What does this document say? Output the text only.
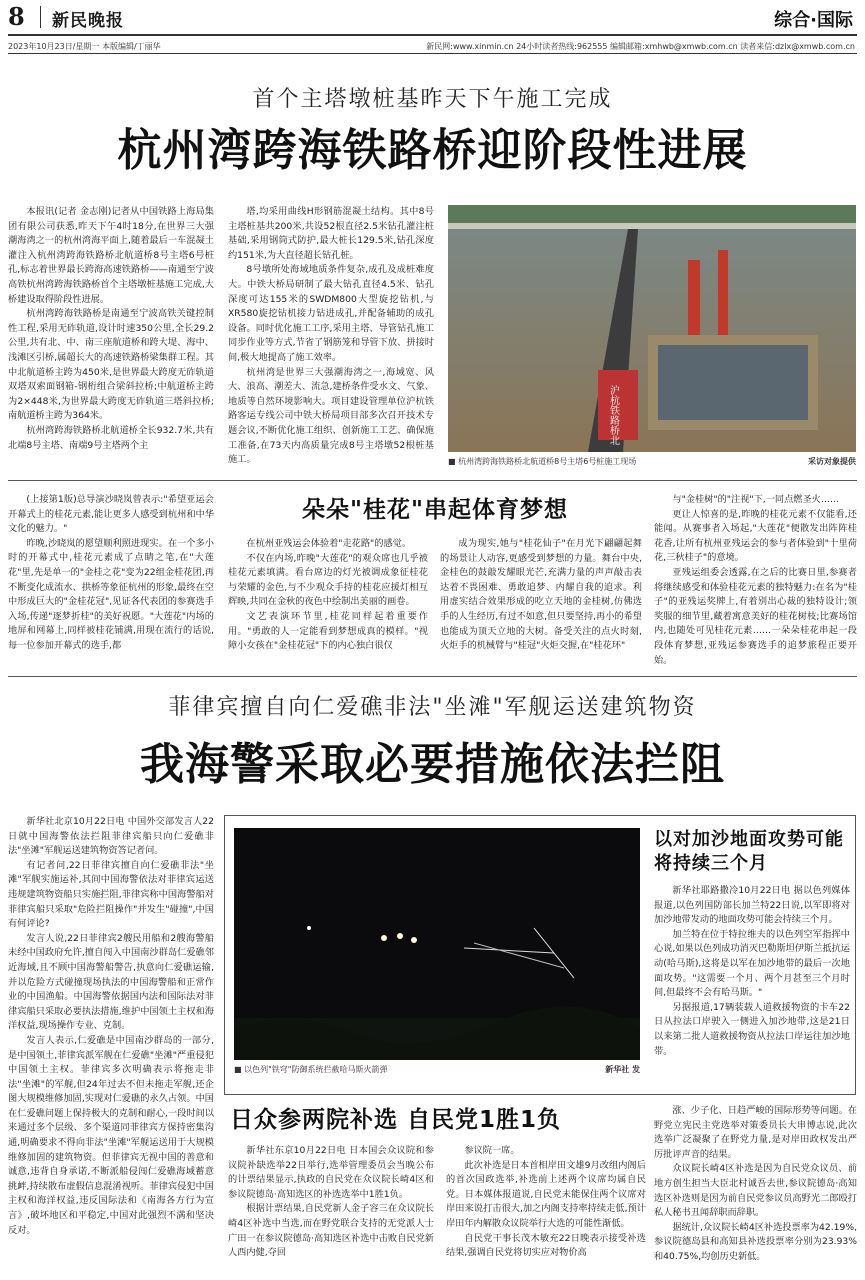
8 新民晚报	综合·国际
2023年10月23日/星期一 本版编辑/丁丽华	新民网:www.xinmin.cn 24小时读者热线:962555 编辑邮箱:xmhwb@xmwb.com.cn 读者来信:dzlx@xmwb.com.cn
首个主塔墩桩基昨天下午施工完成
杭州湾跨海铁路桥迎阶段性进展

本报讯(记者 金志刚)记者从中国铁路上海局集团有限公司获悉,昨天下午4时18分,在世界三大强潮海湾之一的杭州湾海平面上,随着最后一车混凝土灌注入杭州湾跨海铁路桥北航道桥8号主塔6号桩孔,标志着世界最长跨海高速铁路桥——南通至宁波高铁杭州湾跨海铁路桥首个主塔墩桩基施工完成,大桥建设取得阶段性进展。

杭州湾跨海铁路桥是南通至宁波高铁关键控制性工程,采用无砟轨道,设计时速350公里,全长29.2公里,共有北、中、南三座航道桥和跨大堤、海中、浅滩区引桥,属超长大的高速铁路桥梁集群工程。其中北航道桥主跨为450米,是世界最大跨度无砟轨道双塔双索面钢箱-钢桁组合梁斜拉桥;中航道桥主跨为2×448米,为世界最大跨度无砟轨道三塔斜拉桥;南航道桥主跨为364米。

杭州湾跨海铁路桥北航道桥全长932.7米,共有北端8号主塔、南端9号主塔两个主

塔,均采用曲线H形钢筋混凝土结构。其中8号主塔桩基共200米,共设52根直径2.5米钻孔灌注桩基础,采用钢筒式防护,最大桩长129.5米,钻孔深度约151米,为大直径超长钻孔桩。

8号墩所处海域地质条件复杂,成孔及成桩难度大。中铁大桥局研制了最大钻孔直径4.5米、钻孔深度可达155米的SWDM800大型旋挖钻机,与XR580旋挖钻机接力钻进成孔,并配备辅助的成孔设备。同时优化施工工序,采用主塔、导管钻孔施工同步作业等方式,节省了钢筋笼和导管下放、拼接时间,极大地提高了施工效率。

杭州湾是世界三大强潮海湾之一,海域宽、风大、浪高、潮差大、流急,建桥条件受水文、气象、地质等自然环境影响大。项目建设管理单位沪杭铁路客运专线公司中铁大桥局项目部多次召开技术专题会议,不断优化施工组织、创新施工工艺、确保施工准备,在73天内高质量完成8号主塔墩52根桩基施工。

沪杭铁路桥北
■ 杭州湾跨海铁路桥北航道桥8号主塔6号桩施工现场	采访对象提供

(上接第1版)总导演沙晓岚曾表示:"希望亚运会开幕式上的桂花元素,能让更多人感受到杭州和中华文化的魅力。"

昨晚,沙晓岚的愿望顺利照进现实。在一个多小时的开幕式中,桂花元素成了点睛之笔,在"大莲花"里,先是单一的"金桂之花"变为22组金桂花团,再不断变化成流水、拱桥等象征杭州的形象,最终在空中形成巨大的"金桂花冠",见证各代表团的参赛选手入场,传递"逐梦折桂"的美好祝愿。"大莲花"内场的地屏和网幕上,同样被桂花铺满,用现在流行的话说,每一位参加开幕式的选手,都

朵朵"桂花"串起体育梦想

在杭州亚残运会体验着"走花路"的感觉。

不仅在内场,昨晚"大莲花"的观众席也几乎被桂花元素填满。看台席边的灯光被调成象征桂花与荣耀的金色,与不少观众手持的桂花应援灯相互辉映,共同在金秋的夜色中绘制出美丽的画卷。

文艺表演环节里,桂花同样起着重要作用。"勇敢的人一定能看到梦想成真的模样。"视障小女孩在"金桂花冠"下的内心独白很仅

成为现实,她与"桂花仙子"在月光下翩翩起舞的场景让人动容,更感受到梦想的力量。舞台中央,金桂色的鼓敲发耀眼光芒,充满力量的声声敲击表达着不畏困难、勇敢追梦、内耀自我的追求。利用虚实结合效果形成的吃立天地的金桂树,仿佛选手的人生经历,有过不如意,但只要坚持,再小的希望也能成为顶天立地的大树。备受关注的点火时刻,火炬手的机械臂与"桂冠"火炬交握,在"桂花环"

与"金桂树"的"注视"下,一同点燃圣火……

更让人惊喜的是,昨晚的桂花元素不仅能看,还能闻。从赛事者入场起,"大莲花"便散发出阵阵桂花香,让所有杭州亚残运会的参与者体验到"十里荷花,三秋桂子"的意境。

亚残运组委会透露,在之后的比赛日里,参赛者将继续感受和体验桂花元素的独特魅力:在名为"桂子"的亚残运奖牌上,有着别出心裁的独特设计;领奖服的细节里,藏着寓意美好的桂花树枝;比赛场馆内,也随处可见桂花元素……一朵朵桂花串起一段段体育梦想,亚残运参赛选手的追梦旅程正要开始。

菲律宾擅自向仁爱礁非法"坐滩"军舰运送建筑物资
我海警采取必要措施依法拦阻

新华社北京10月22日电 中国外交部发言人22日就中国海警依法拦阻菲律宾船只向仁爱礁非法"坐滩"军舰运送建筑物资答记者问。

有记者问,22日菲律宾擅自向仁爱礁非法"坐滩"军舰实施运补,其间中国海警依法对菲律宾运送违规建筑物资船只实施拦阻,菲律宾称中国海警船对菲律宾船只采取"危险拦阻操作"并发生"碰撞",中国有何评论?

发言人说,22日菲律宾2艘民用船和2艘海警船未经中国政府允许,擅自闯入中国南沙群岛仁爱礁邻近海域,且不顾中国海警船警告,执意向仁爱礁运输,并以危险方式碰撞现场执法的中国海警船和正常作业的中国渔船。中国海警依据国内法和国际法对菲律宾船只采取必要执法措施,维护中国领土主权和海洋权益,现场操作专业、克制。

发言人表示,仁爱礁是中国南沙群岛的一部分,是中国领土,菲律宾派军舰在仁爱礁"坐滩"严重侵犯中国领土主权。菲律宾多次明确表示将拖走非法"坐滩"的军舰,但24年过去不但未拖走军舰,还企图大规模维修加固,实现对仁爱礁的永久占领。中国在仁爱礁问题上保持极大的克制和耐心,一段时间以来通过多个层级、多个渠道同菲律宾方保持密集沟通,明确要求不得向非法"坐滩"军舰运送用于大规模维修加固的建筑物资。但菲律宾无视中国的善意和诚意,违背自身承诺,不断派船侵闯仁爱礁海域蓄意挑衅,持续散布虚假信息混淆视听。菲律宾侵犯中国主权和海洋权益,违反国际法和《南海各方行为宣言》,破坏地区和平稳定,中国对此强烈不满和坚决反对。

■ 以色列"铁穹"防御系统拦截哈马斯火箭弹	新华社 发
以对加沙地面攻势可能将持续三个月

新华社耶路撒冷10月22日电 据以色列媒体报道,以色列国防部长加兰特22日说,以军即将对加沙地带发动的地面攻势可能会持续三个月。

加兰特在位于特拉维夫的以色列空军指挥中心说,如果以色列成功消灭巴勒斯坦伊斯兰抵抗运动(哈马斯),这将是以军在加沙地带的最后一次地面攻势。"这需要一个月、两个月甚至三个月时间,但最终不会有哈马斯。"

另据报道,17辆装载人道救援物资的卡车22日从拉法口岸驶入一侧进入加沙地带,这是21日以来第二批人道救援物资从拉法口岸运往加沙地带。

日众参两院补选 自民党1胜1负

新华社东京10月22日电 日本国会众议院和参议院补缺选举22日举行,选举管理委员会当晚公布的计票结果显示,执政的自民党在众议院长崎4区和参议院德岛·高知选区的补选选举中1胜1负。

根据计票结果,自民党新人金子容三在众议院长崎4区补选中当选,而在野党联合支持的无党派人士广田一在参议院德岛·高知选区补选中击败自民党新人西内健,夺回

参议院一席。

此次补选是日本首相岸田文雄9月改组内阁后的首次国政选举,补选前上述两个议席均属自民党。日本媒体报道说,自民党未能保住两个议席对岸田来说打击很大,加之内阁支持率持续走低,预计岸田年内解散众议院举行大选的可能性渐低。

自民党干事长茂木敏充22日晚表示接受补选结果,强调自民党将切实应对物价高

涨、少子化、日趋严峻的国际形势等问题。在野党立宪民主党选举对策委员长大串博志说,此次选举广泛凝聚了在野党力量,是对岸田政权发出严厉批评声音的结果。

众议院长崎4区补选是因为自民党众议员、前地方创生担当大臣北村诚吾去世,参议院德岛·高知选区补选则是因为前自民党参议员高野光二郎殴打私人秘书丑闻辞职而辞职。

据统计,众议院长崎4区补选投票率为42.19%,参议院德岛县和高知县补选投票率分别为23.93%和40.75%,均创历史新低。
